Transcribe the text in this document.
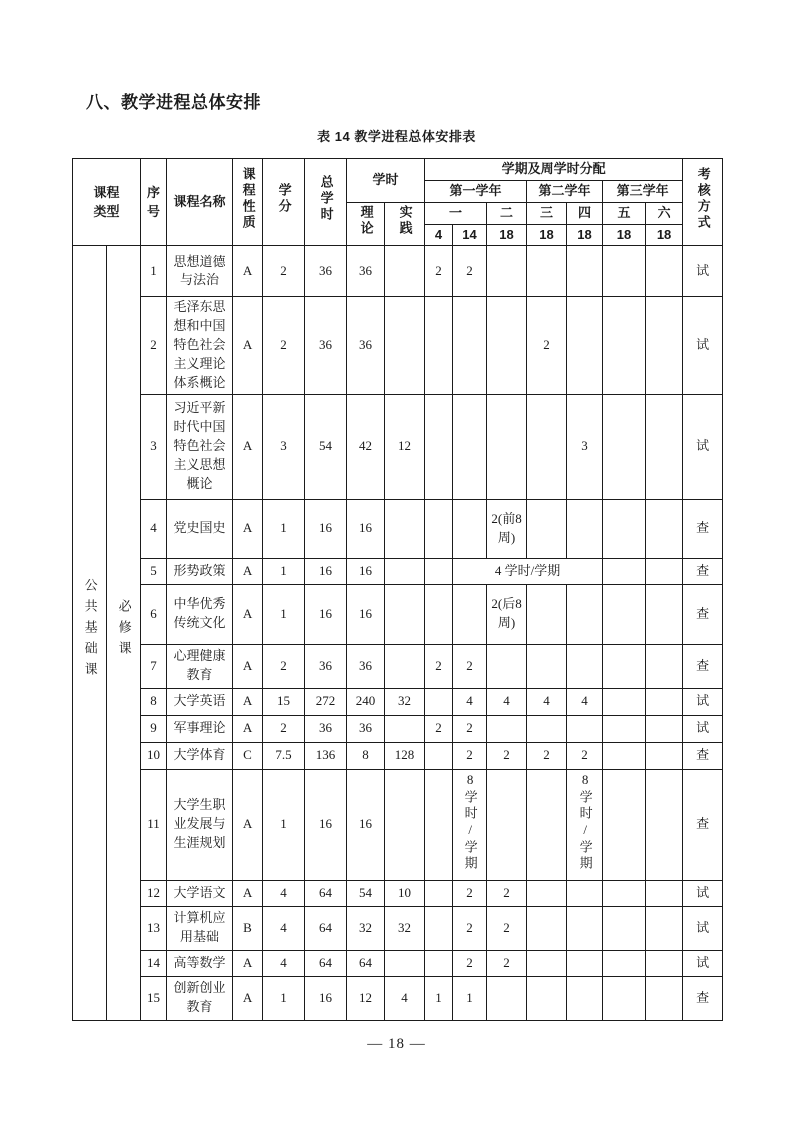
八、教学进程总体安排
表 14 教学进程总体安排表
课程类型		序号	课程名称	课程性质	学分	总学时	学时		学期及周学时分配							考核方式
									第一学年			第二学年		第三学年		
							理论	实践	一		二	三	四	五	六	
									4	14	18	18	18	18	18	
公共基础课	必修课	1	思想道德与法治	A	2	36	36		2	2						试
		2	毛泽东思想和中国特色社会主义理论体系概论	A	2	36	36					2				试
		3	习近平新时代中国特色社会主义思想概论	A	3	54	42	12					3			试
		4	党史国史	A	1	16	16				2(前8周)					查
		5	形势政策	A	1	16	16			4 学时/学期						查
		6	中华优秀传统文化	A	1	16	16				2(后8周)					查
		7	心理健康教育	A	2	36	36		2	2						查
		8	大学英语	A	15	272	240	32		4	4	4	4			试
		9	军事理论	A	2	36	36		2	2						试
		10	大学体育	C	7.5	136	8	128		2	2	2	2			查
		11	大学生职业发展与生涯规划	A	1	16	16			8学时/学期			8学时/学期			查
		12	大学语文	A	4	64	54	10		2	2					试
		13	计算机应用基础	B	4	64	32	32		2	2					试
		14	高等数学	A	4	64	64			2	2					试
		15	创新创业教育	A	1	16	12	4	1	1						查
— 18 —
